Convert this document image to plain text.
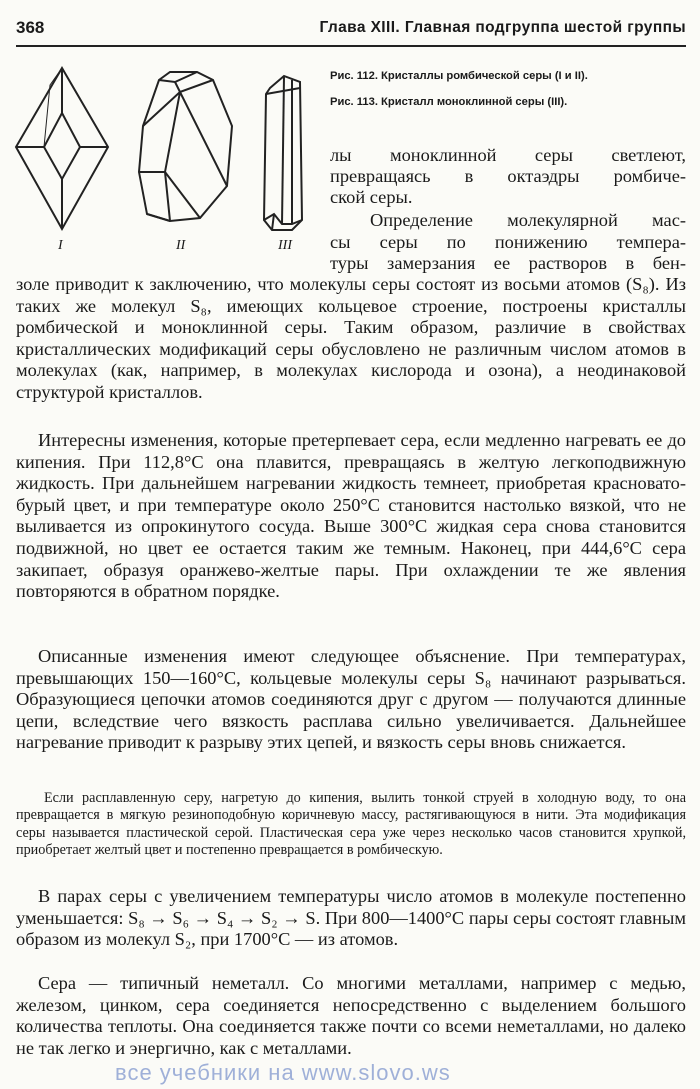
368	Глава XIII. Главная подгруппа шестой группы
I	II	III
Рис. 112. Кристаллы ромбической серы (I и II).
Рис. 113. Кристалл моноклинной серы (III).

лы моноклинной серы светлеют,

превращаясь в октаэдры ромбиче-

ской серы.

Определение молекулярной мас-

сы серы по понижению темпера-

туры замерзания ее растворов в бен-

золе приводит к заключению, что молекулы серы состоят из восьми атомов (S₈). Из таких же молекул S₈, имеющих кольцевое строение, построены кристаллы ромбической и моноклинной серы. Таким образом, различие в свойствах кристаллических модификаций серы обусловлено не различным числом атомов в молекулах (как, например, в молекулах кислорода и озона), а неодинаковой структурой кристаллов.

Интересны изменения, которые претерпевает сера, если медленно нагревать ее до кипения. При 112,8°C она плавится, превращаясь в желтую легкоподвижную жидкость. При дальнейшем нагревании жидкость темнеет, приобретая красновато-бурый цвет, и при температуре около 250°C становится настолько вязкой, что не выливается из опрокинутого сосуда. Выше 300°C жидкая сера снова становится подвижной, но цвет ее остается таким же темным. Наконец, при 444,6°C сера закипает, образуя оранжево-желтые пары. При охлаждении те же явления повторяются в обратном порядке.

Описанные изменения имеют следующее объяснение. При температурах, превышающих 150—160°C, кольцевые молекулы серы S₈ начинают разрываться. Образующиеся цепочки атомов соединяются друг с другом — получаются длинные цепи, вследствие чего вязкость расплава сильно увеличивается. Дальнейшее нагревание приводит к разрыву этих цепей, и вязкость серы вновь снижается.

Если расплавленную серу, нагретую до кипения, вылить тонкой струей в холодную воду, то она превращается в мягкую резиноподобную коричневую массу, растягивающуюся в нити. Эта модификация серы называется пластической серой. Пластическая сера уже через несколько часов становится хрупкой, приобретает желтый цвет и постепенно превращается в ромбическую.

В парах серы с увеличением температуры число атомов в молекуле постепенно уменьшается: S₈ → S₆ → S₄ → S₂ → S. При 800—1400°C пары серы состоят главным образом из молекул S₂, при 1700°C — из атомов.

Сера — типичный неметалл. Со многими металлами, например с медью, железом, цинком, сера соединяется непосредственно с выделением большого количества теплоты. Она соединяется также почти со всеми неметаллами, но далеко не так легко и энергично, как с металлами.

все учебники на www.slovo.ws
